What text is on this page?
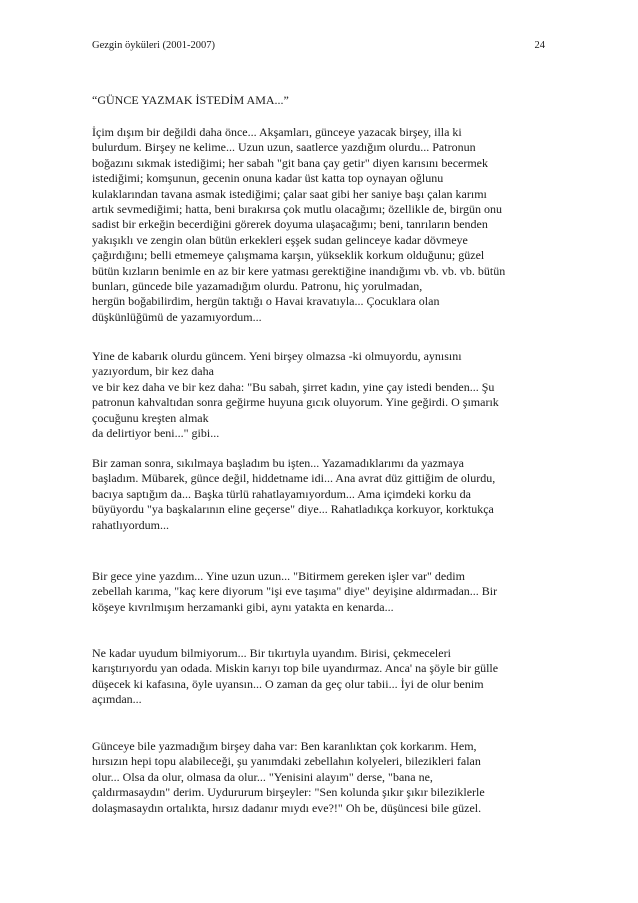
Gezgin öyküleri (2001-2007)	24
“GÜNCE YAZMAK İSTEDİM AMA...”
İçim dışım bir değildi daha önce... Akşamları, günceye yazacak birşey, illa ki
bulurdum. Birşey ne kelime... Uzun uzun, saatlerce yazdığım olurdu... Patronun
boğazını sıkmak istediğimi; her sabah "git bana çay getir" diyen karısını becermek
istediğimi; komşunun, gecenin onuna kadar üst katta top oynayan oğlunu
kulaklarından tavana asmak istediğimi; çalar saat gibi her saniye başı çalan karımı
artık sevmediğimi; hatta, beni bırakırsa çok mutlu olacağımı; özellikle de, birgün onu
sadist bir erkeğin becerdiğini görerek doyuma ulaşacağımı; beni, tanrıların benden
yakışıklı ve zengin olan bütün erkekleri eşşek sudan gelinceye kadar dövmeye
çağırdığını; belli etmemeye çalışmama karşın, yükseklik korkum olduğunu; güzel
bütün kızların benimle en az bir kere yatması gerektiğine inandığımı vb. vb. vb. bütün
bunları, güncede bile yazamadığım olurdu. Patronu, hiç yorulmadan,
hergün boğabilirdim, hergün taktığı o Havai kravatıyla... Çocuklara olan
düşkünlüğümü de yazamıyordum...
Yine de kabarık olurdu güncem. Yeni birşey olmazsa -ki olmuyordu, aynısını
yazıyordum, bir kez daha
ve bir kez daha ve bir kez daha: "Bu sabah, şirret kadın, yine çay istedi benden... Şu
patronun kahvaltıdan sonra geğirme huyuna gıcık oluyorum. Yine geğirdi. O şımarık
çocuğunu kreşten almak
da delirtiyor beni..." gibi...
Bir zaman sonra, sıkılmaya başladım bu işten... Yazamadıklarımı da yazmaya
başladım. Mübarek, günce değil, hiddetname idi... Ana avrat düz gittiğim de olurdu,
bacıya saptığım da... Başka türlü rahatlayamıyordum... Ama içimdeki korku da
büyüyordu "ya başkalarının eline geçerse" diye... Rahatladıkça korkuyor, korktukça
rahatlıyordum...
Bir gece yine yazdım... Yine uzun uzun... "Bitirmem gereken işler var" dedim
zebellah karıma, "kaç kere diyorum "işi eve taşıma" diye" deyişine aldırmadan... Bir
köşeye kıvrılmışım herzamanki gibi, aynı yatakta en kenarda...
Ne kadar uyudum bilmiyorum... Bir tıkırtıyla uyandım. Birisi, çekmeceleri
karıştırıyordu yan odada. Miskin karıyı top bile uyandırmaz. Anca' na şöyle bir gülle
düşecek ki kafasına, öyle uyansın... O zaman da geç olur tabii... İyi de olur benim
açımdan...
Günceye bile yazmadığım birşey daha var: Ben karanlıktan çok korkarım. Hem,
hırsızın hepi topu alabileceği, şu yanımdaki zebellahın kolyeleri, bilezikleri falan
olur... Olsa da olur, olmasa da olur... "Yenisini alayım" derse, "bana ne,
çaldırmasaydın" derim. Uydururum birşeyler: "Sen kolunda şıkır şıkır bileziklerle
dolaşmasaydın ortalıkta, hırsız dadanır mıydı eve?!" Oh be, düşüncesi bile güzel.
